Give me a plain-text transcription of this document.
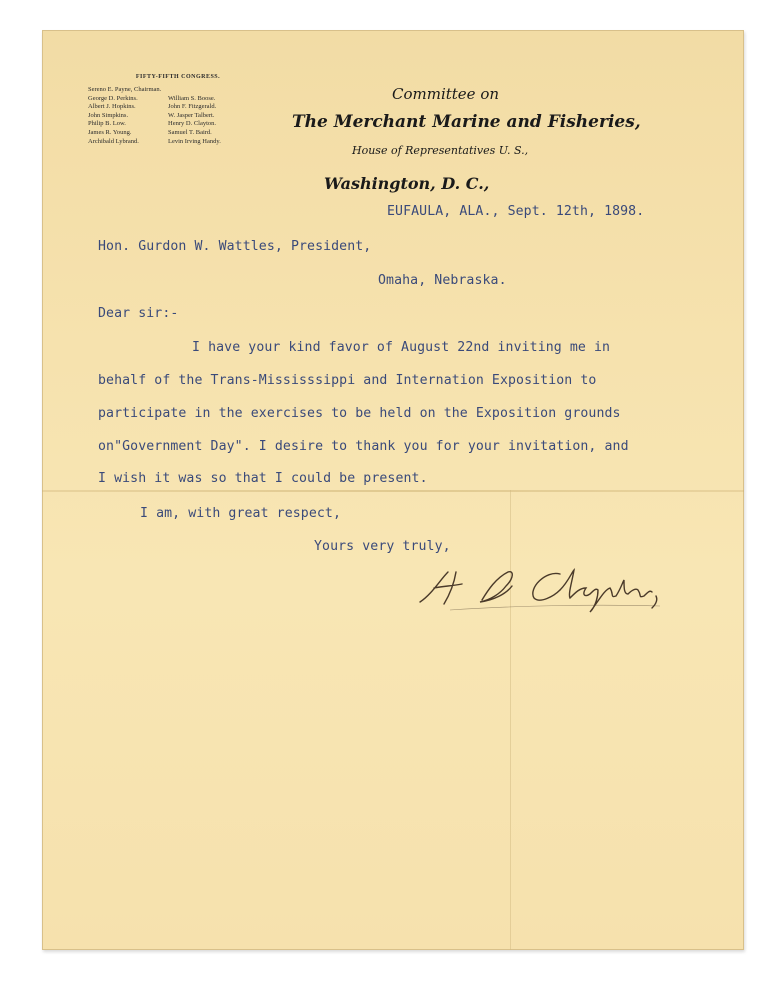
FIFTY-FIFTH CONGRESS.
Sereno E. Payne, Chairman.
George D. Perkins.	William S. Boose.
Albert J. Hopkins.	John F. Fitzgerald.
John Simpkins.	W. Jasper Talbert.
Philip B. Low.	Henry D. Clayton.
James R. Young.	Samuel T. Baird.
Archibald Lybrand.	Levin Irving Handy.
Committee on
The Merchant Marine and Fisheries,
House of Representatives U. S.,
Washington, D. C.,
EUFAULA, ALA., Sept. 12th, 1898.
Hon. Gurdon W. Wattles, President,
Omaha, Nebraska.
Dear sir:-
I have your kind favor of August 22nd inviting me in
behalf of the Trans-Mississsippi and Internation Exposition to
participate in the exercises to be held on the Exposition grounds
on"Government Day". I desire to thank you for your invitation, and
I wish it was so that I could be present.
I am, with great respect,
Yours very truly,
